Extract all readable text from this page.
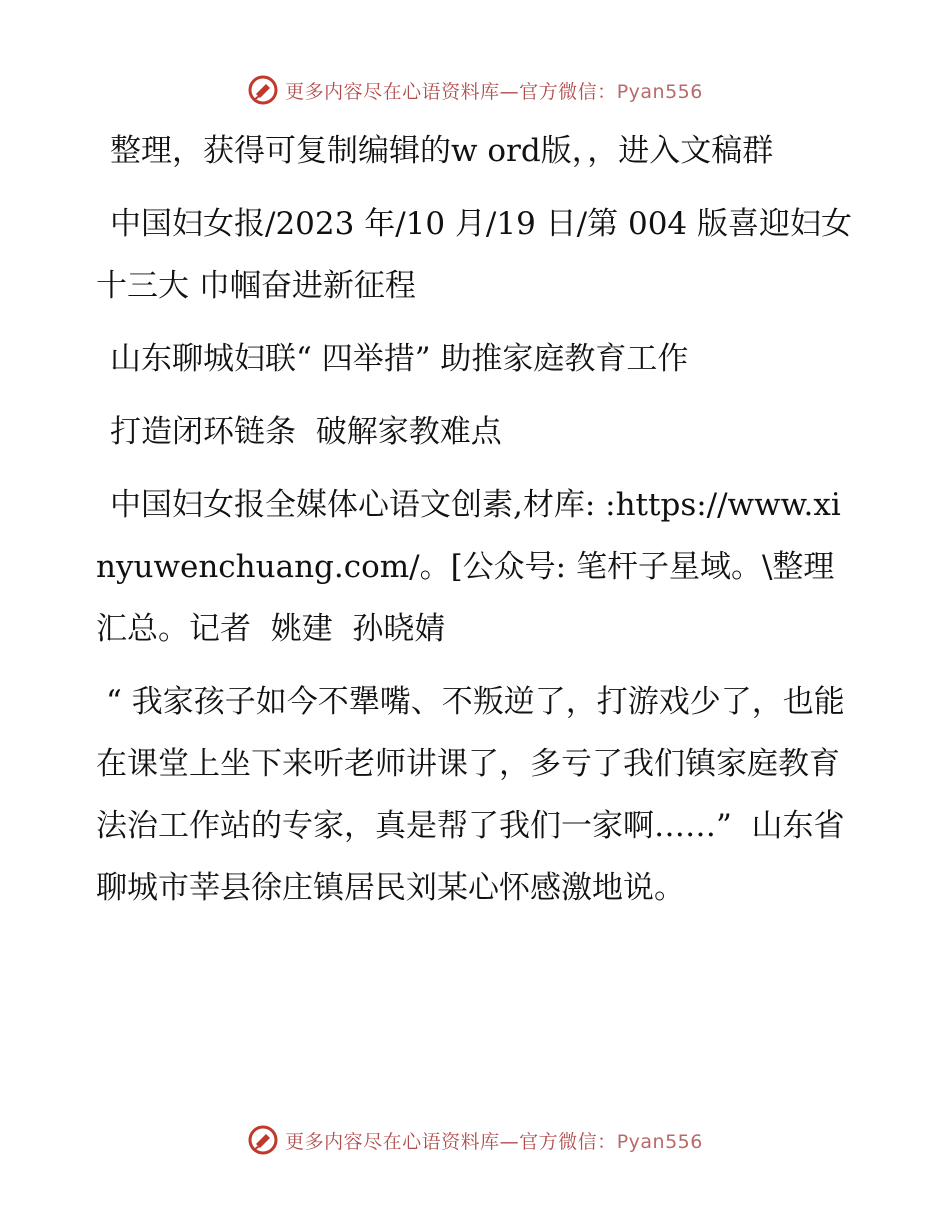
更多内容尽在心语资料库—官方微信：Pyan556

整理，获得可复制编辑的w ord版，，进入文稿群

中国妇女报/2023 年/10 月/19 日/第 004 版喜迎妇女十三大 巾帼奋进新征程

山东聊城妇联“ 四举措” 助推家庭教育工作

打造闭环链条  破解家教难点

中国妇女报全媒体心语文创素,材库: :https://www.xinyuwenchuang.com/。[公众号: 笔杆子星域。\整理汇总。记者  姚建  孙晓婧

“ 我家孩子如今不犟嘴、不叛逆了，打游戏少了，也能在课堂上坐下来听老师讲课了，多亏了我们镇家庭教育法治工作站的专家，真是帮了我们一家啊……”  山东省聊城市莘县徐庄镇居民刘某心怀感激地说。

更多内容尽在心语资料库—官方微信：Pyan556
